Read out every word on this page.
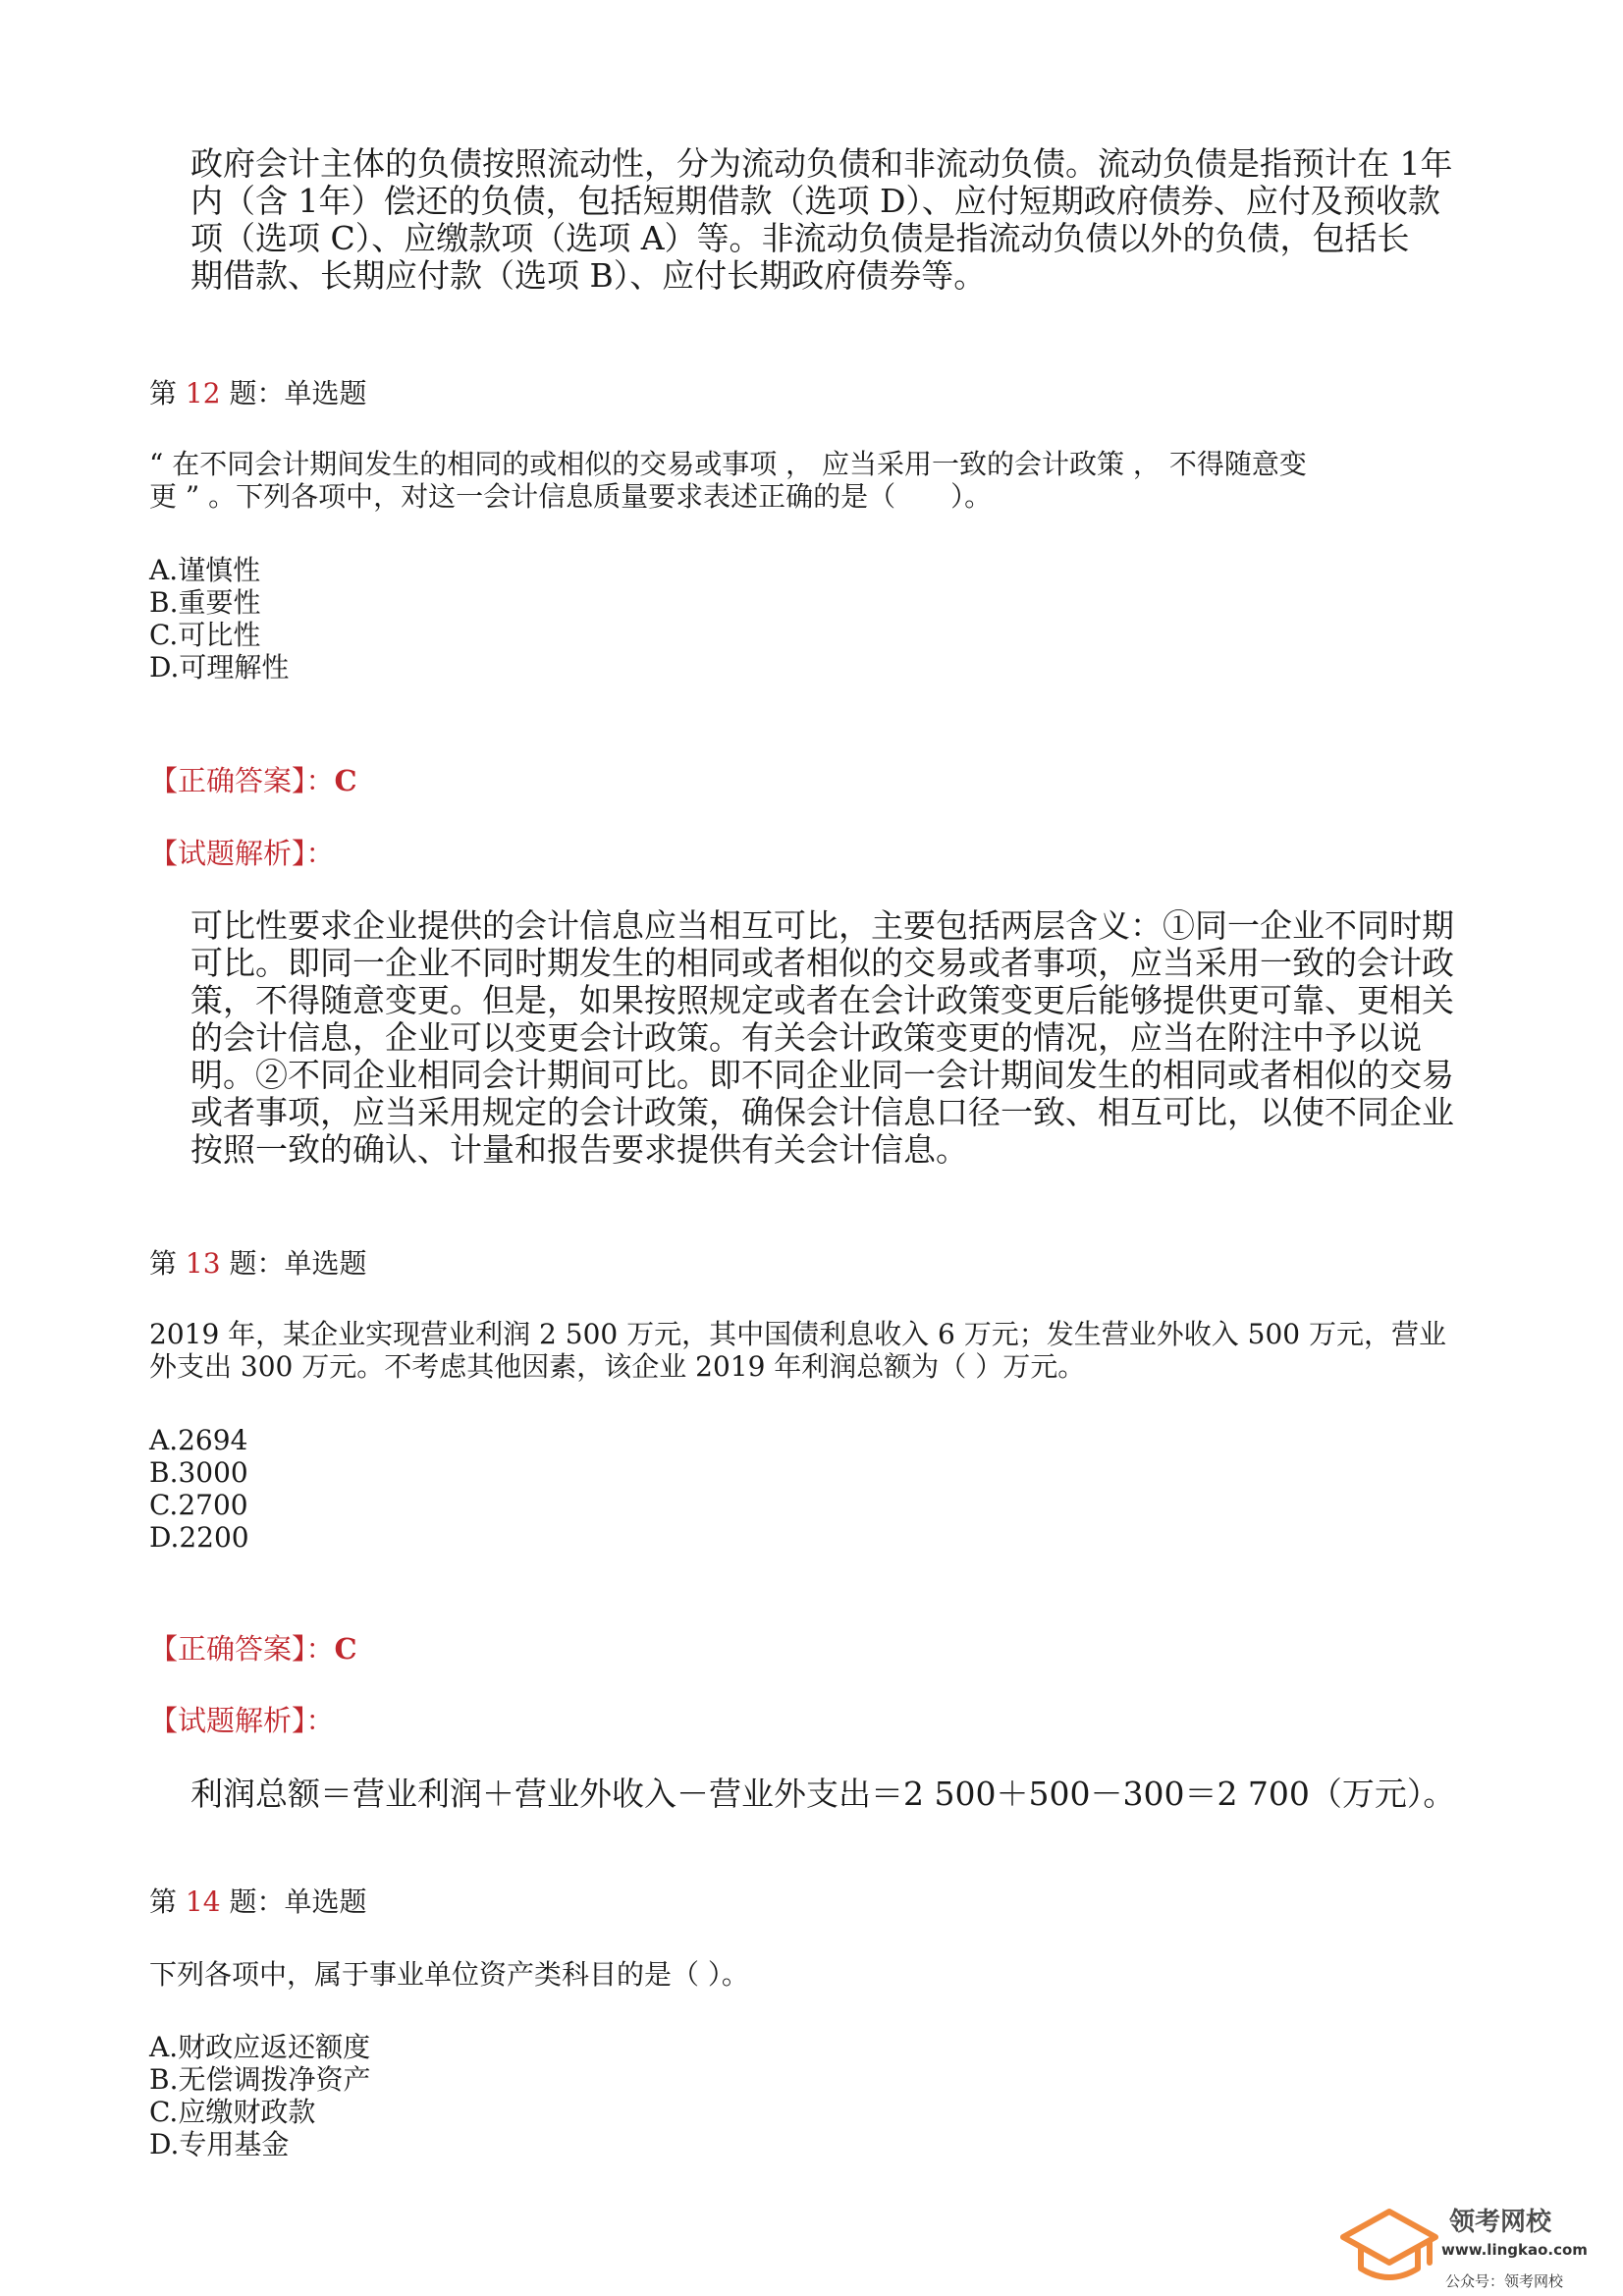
政府会计主体的负债按照流动性，分为流动负债和非流动负债。流动负债是指预计在 1年
内（含 1年）偿还的负债，包括短期借款（选项 D）、应付短期政府债券、应付及预收款
项（选项 C）、应缴款项（选项 A）等。非流动负债是指流动负债以外的负债，包括长
期借款、长期应付款（选项 B）、应付长期政府债券等。
第 12 题：单选题
“ 在不同会计期间发生的相同的或相似的交易或事项 ， 应当采用一致的会计政策 ， 不得随意变
更 ” 。下列各项中，对这一会计信息质量要求表述正确的是（　　）。
A.谨慎性
B.重要性
C.可比性
D.可理解性
【正确答案】：C
【试题解析】：
可比性要求企业提供的会计信息应当相互可比，主要包括两层含义：①同一企业不同时期
可比。即同一企业不同时期发生的相同或者相似的交易或者事项，应当采用一致的会计政
策，不得随意变更。但是，如果按照规定或者在会计政策变更后能够提供更可靠、更相关
的会计信息，企业可以变更会计政策。有关会计政策变更的情况，应当在附注中予以说
明。②不同企业相同会计期间可比。即不同企业同一会计期间发生的相同或者相似的交易
或者事项，应当采用规定的会计政策，确保会计信息口径一致、相互可比，以使不同企业
按照一致的确认、计量和报告要求提供有关会计信息。
第 13 题：单选题
2019 年，某企业实现营业利润 2 500 万元，其中国债利息收入 6 万元；发生营业外收入 500 万元，营业
外支出 300 万元。不考虑其他因素，该企业 2019 年利润总额为（ ）万元。
A.2694
B.3000
C.2700
D.2200
【正确答案】：C
【试题解析】：
利润总额＝营业利润＋营业外收入－营业外支出＝2 500＋500－300＝2 700（万元）。
第 14 题：单选题
下列各项中，属于事业单位资产类科目的是（ ）。
A.财政应返还额度
B.无偿调拨净资产
C.应缴财政款
D.专用基金
领考网校
www.lingkao.com
公众号：领考网校
